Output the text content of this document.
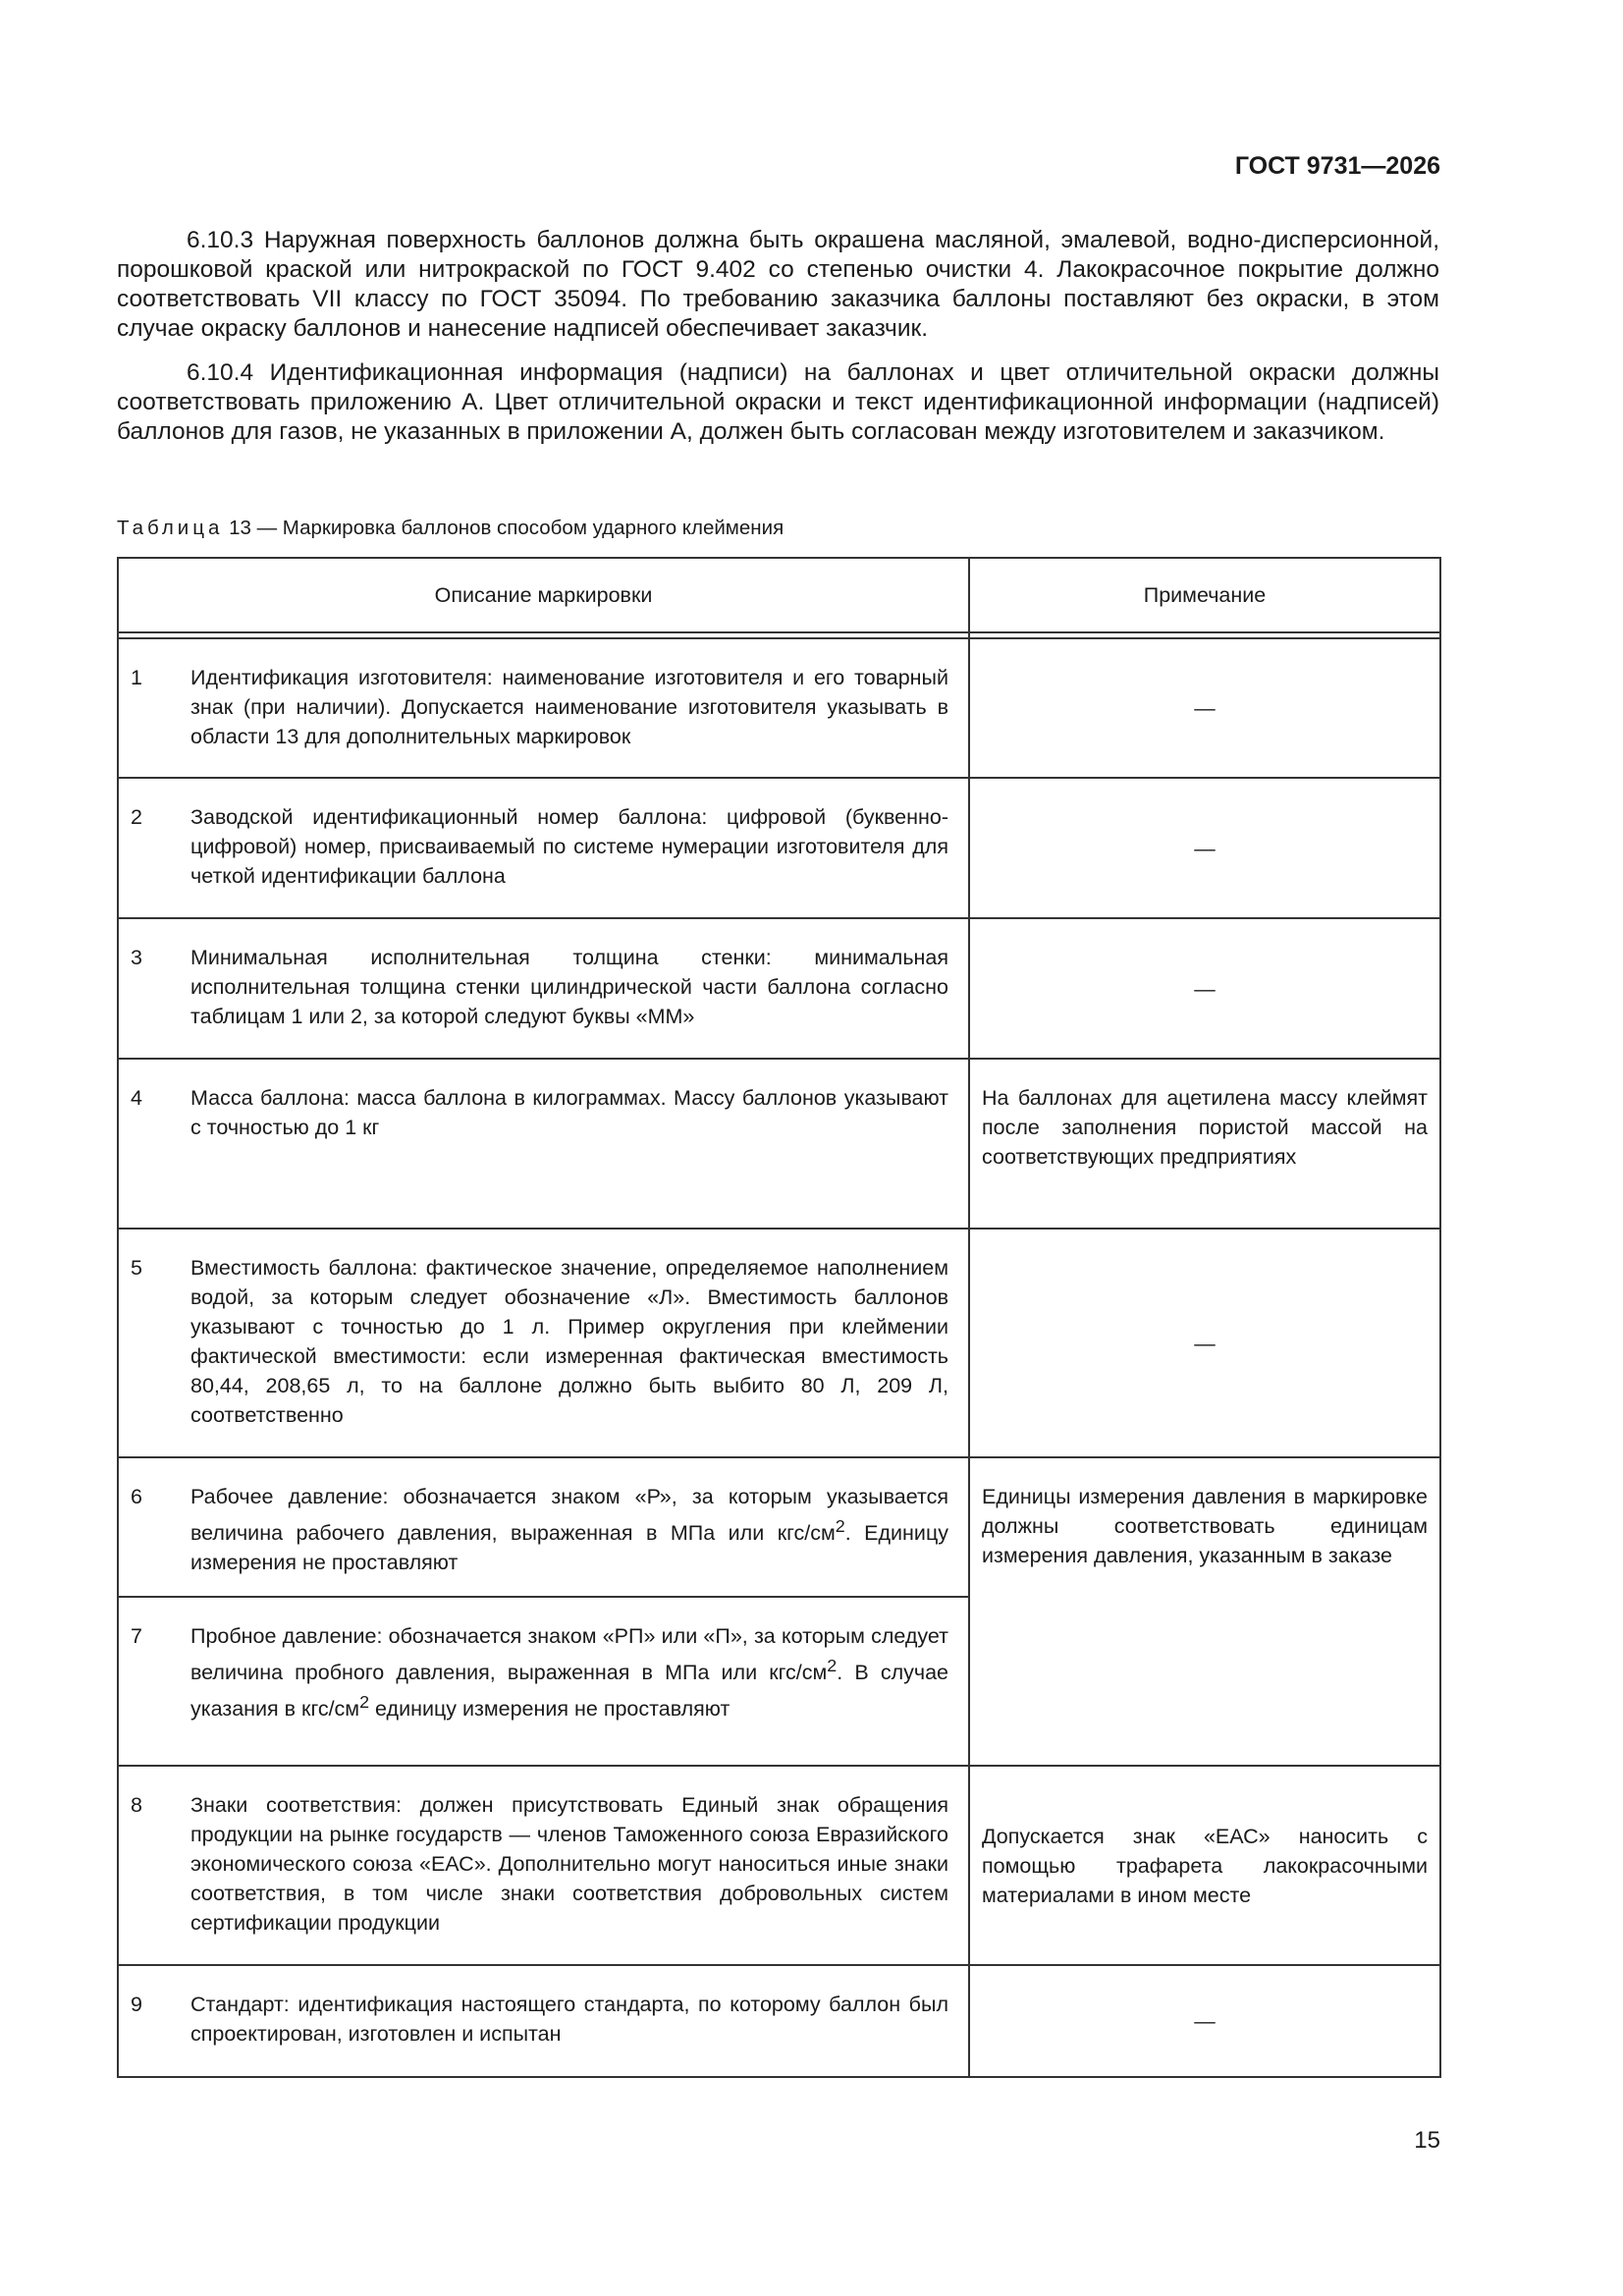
ГОСТ 9731—2026

6.10.3 Наружная поверхность баллонов должна быть окрашена масляной, эмалевой, водно-дисперсионной, порошковой краской или нитрокраской по ГОСТ 9.402 со степенью очистки 4. Лакокрасочное покрытие должно соответствовать VII классу по ГОСТ 35094. По требованию заказчика баллоны поставляют без окраски, в этом случае окраску баллонов и нанесение надписей обеспечивает заказчик.

6.10.4 Идентификационная информация (надписи) на баллонах и цвет отличительной окраски должны соответствовать приложению А. Цвет отличительной окраски и текст идентификационной информации (надписей) баллонов для газов, не указанных в приложении А, должен быть согласован между изготовителем и заказчиком.

Таблица 13 — Маркировка баллонов способом ударного клеймения
Описание маркировки	Примечание

1 Идентификация изготовителя: наименование изготовителя и его товарный знак (при наличии). Допускается наименование изготовителя указывать в области 13 для дополнительных маркировок	—
2 Заводской идентификационный номер баллона: цифровой (буквенно-цифровой) номер, присваиваемый по системе нумерации изготовителя для четкой идентификации баллона	—
3 Минимальная исполнительная толщина стенки: минимальная исполнительная толщина стенки цилиндрической части баллона согласно таблицам 1 или 2, за которой следуют буквы «ММ»	—
4 Масса баллона: масса баллона в килограммах. Массу баллонов указывают с точностью до 1 кг	На баллонах для ацетилена массу клеймят после заполнения пористой массой на соответствующих предприятиях
5 Вместимость баллона: фактическое значение, определяемое наполнением водой, за которым следует обозначение «Л». Вместимость баллонов указывают с точностью до 1 л. Пример округления при клеймении фактической вместимости: если измеренная фактическая вместимость 80,44, 208,65 л, то на баллоне должно быть выбито 80 Л, 209 Л, соответственно	—
6 Рабочее давление: обозначается знаком «Р», за которым указывается величина рабочего давления, выраженная в МПа или кгс/$см^2$. Единицу измерения не проставляют	Единицы измерения давления в маркировке должны соответствовать единицам измерения давления, указанным в заказе
7 Пробное давление: обозначается знаком «РП» или «П», за которым следует величина пробного давления, выраженная в МПа или кгс/$см^2$. В случае указания в кгс/$см^2$ единицу измерения не проставляют	
8 Знаки соответствия: должен присутствовать Единый знак обращения продукции на рынке государств — членов Таможенного союза Евразийского экономического союза «ЕАС». Дополнительно могут наноситься иные знаки соответствия, в том числе знаки соответствия добровольных систем сертификации продукции	Допускается знак «ЕАС» наносить с помощью трафарета лакокрасочными материалами в ином месте
9 Стандарт: идентификация настоящего стандарта, по которому баллон был спроектирован, изготовлен и испытан	—
15
